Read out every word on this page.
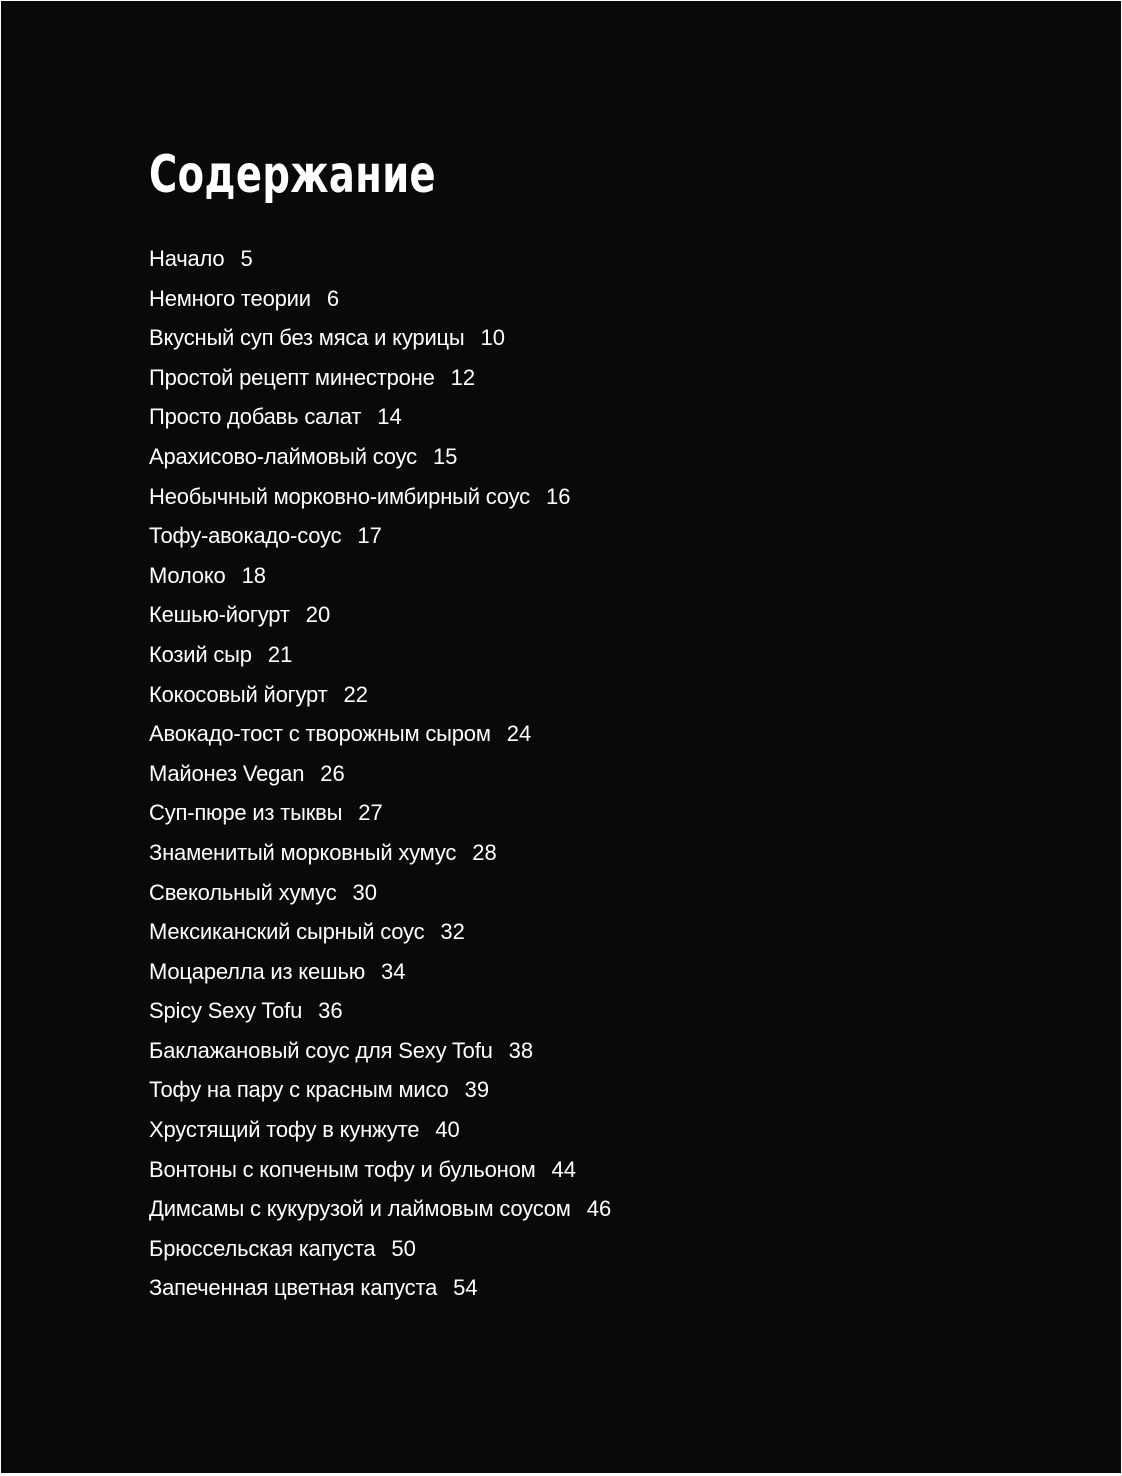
Содержание
Начало 5
Немного теории 6
Вкусный суп без мяса и курицы 10
Простой рецепт минестроне 12
Просто добавь салат 14
Арахисово-лаймовый соус 15
Необычный морковно-имбирный соус 16
Тофу-авокадо-соус 17
Молоко 18
Кешью-йогурт 20
Козий сыр 21
Кокосовый йогурт 22
Авокадо-тост с творожным сыром 24
Майонез Vegan 26
Суп-пюре из тыквы 27
Знаменитый морковный хумус 28
Свекольный хумус 30
Мексиканский сырный соус 32
Моцарелла из кешью 34
Spicy Sexy Tofu 36
Баклажановый соус для Sexy Tofu 38
Тофу на пару с красным мисо 39
Хрустящий тофу в кунжуте 40
Вонтоны с копченым тофу и бульоном 44
Димсамы с кукурузой и лаймовым соусом 46
Брюссельская капуста 50
Запеченная цветная капуста 54
